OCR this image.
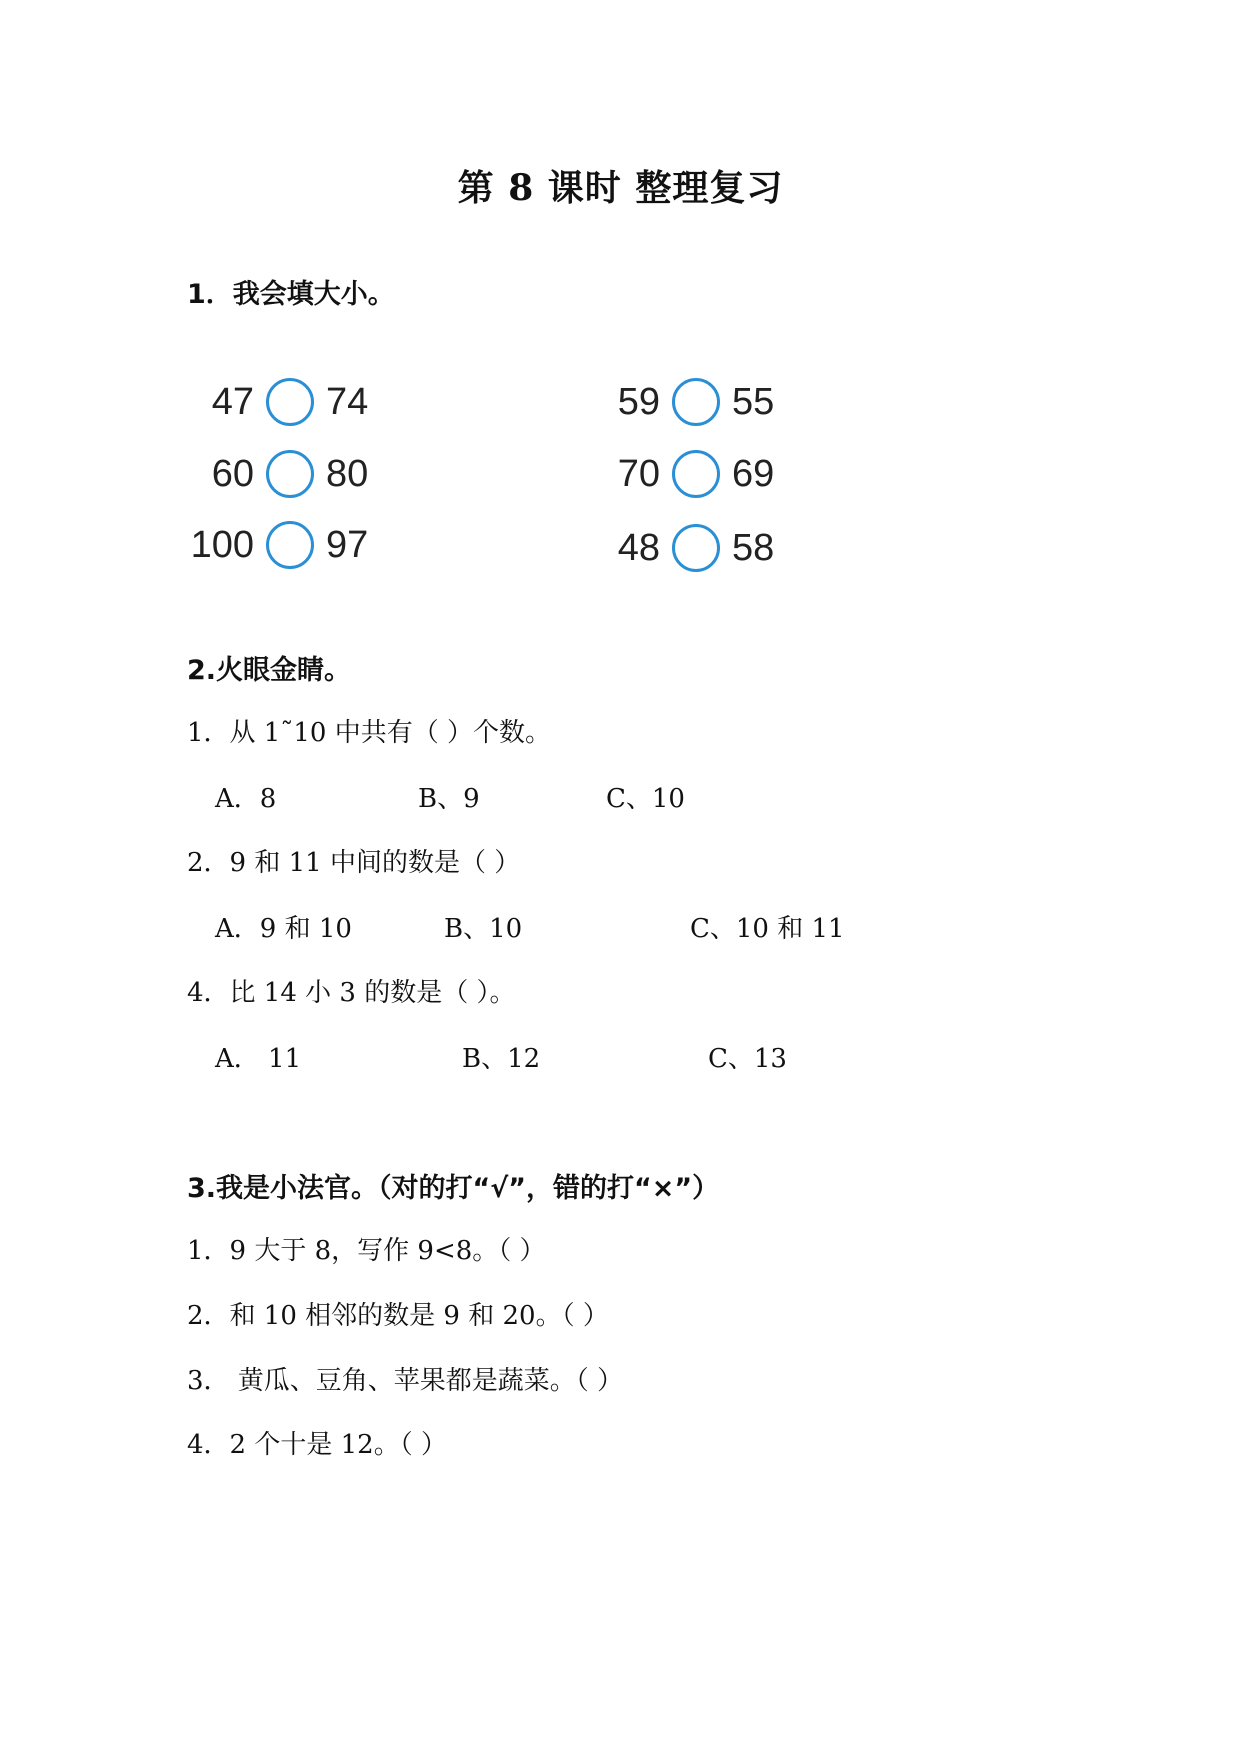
第 8 课时 整理复习
1．我会填大小。
47 74	59 55
60 80	70 69
100 97	48 58
2.火眼金睛。
1．从 1˜10 中共有（ ）个数。
A．8	B、9	C、10
2．9 和 11 中间的数是（ ）
A．9 和 10	B、10	C、10 和 11
4．比 14 小 3 的数是（ ）。
A． 11	B、12	C、13
3.我是小法官。（对的打“√”，错的打“×”）
1．9 大于 8，写作 9<8。（ ）
2．和 10 相邻的数是 9 和 20。（ ）
3． 黄瓜、豆角、苹果都是蔬菜。（ ）
4．2 个十是 12。（ ）
